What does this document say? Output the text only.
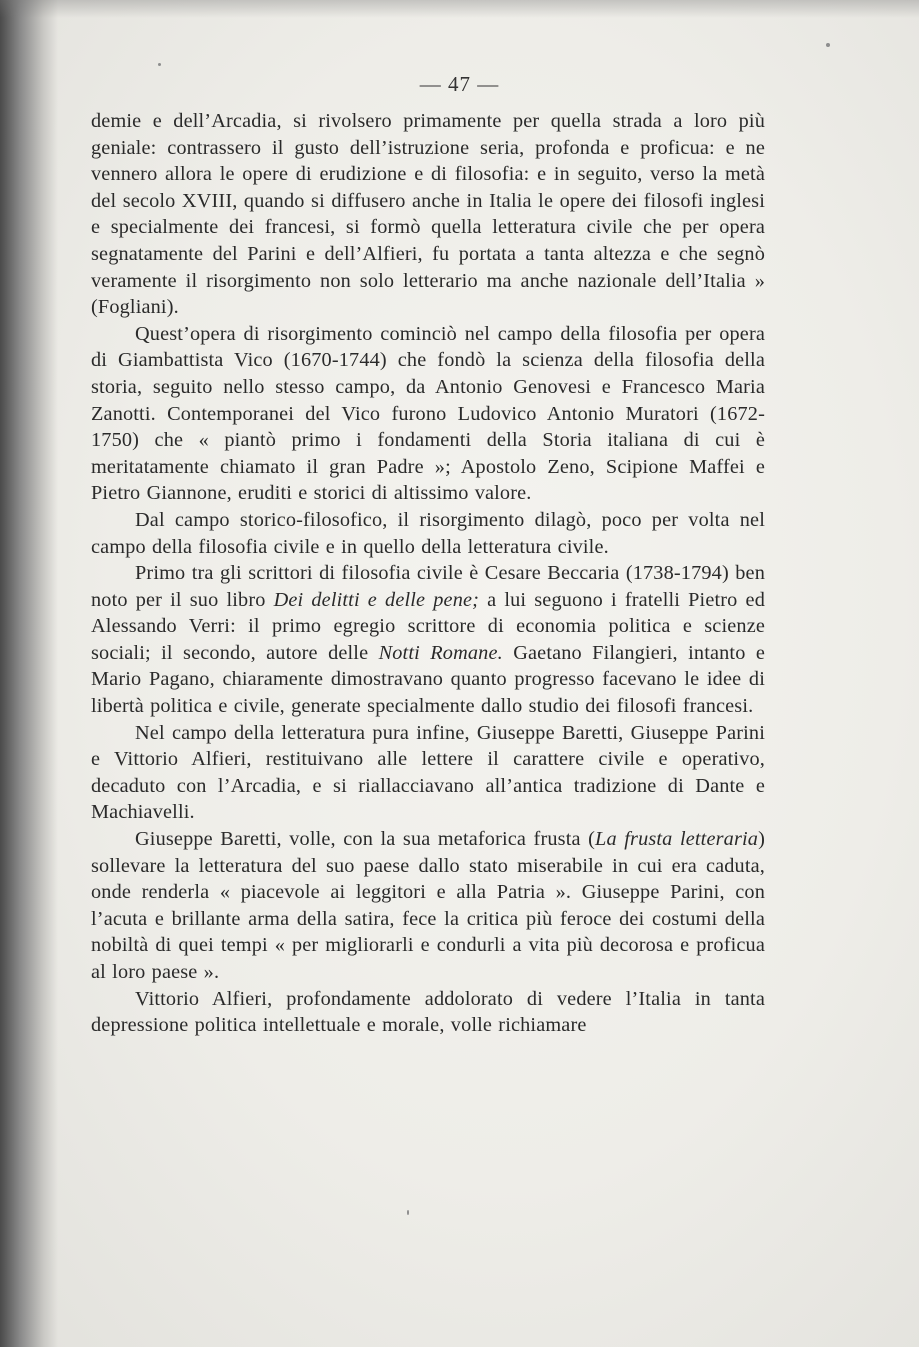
— 47 —

demie e dell’Arcadia, si rivolsero primamente per quella strada a loro più geniale: contrassero il gusto dell’istruzione seria, profonda e proficua: e ne vennero allora le opere di erudizione e di filosofia: e in seguito, verso la metà del secolo XVIII, quando si diffusero anche in Italia le opere dei filosofi inglesi e specialmente dei francesi, si formò quella letteratura civile che per opera segnatamente del Parini e dell’Alfieri, fu portata a tanta altezza e che segnò veramente il risorgimento non solo letterario ma anche nazionale dell’Italia » (Fogliani).

Quest’opera di risorgimento cominciò nel campo della filosofia per opera di Giambattista Vico (1670-1744) che fondò la scienza della filosofia della storia, seguito nello stesso campo, da Antonio Genovesi e Francesco Maria Zanotti. Contemporanei del Vico furono Ludovico Antonio Muratori (1672-1750) che « piantò primo i fondamenti della Storia italiana di cui è meritatamente chiamato il gran Padre »; Apostolo Zeno, Scipione Maffei e Pietro Giannone, eruditi e storici di altissimo valore.

Dal campo storico-filosofico, il risorgimento dilagò, poco per volta nel campo della filosofia civile e in quello della letteratura civile.

Primo tra gli scrittori di filosofia civile è Cesare Beccaria (1738-1794) ben noto per il suo libro Dei delitti e delle pene; a lui seguono i fratelli Pietro ed Alessando Verri: il primo egregio scrittore di economia politica e scienze sociali; il secondo, autore delle Notti Romane. Gaetano Filangieri, intanto e Mario Pagano, chiaramente dimostravano quanto progresso facevano le idee di libertà politica e civile, generate specialmente dallo studio dei filosofi francesi.

Nel campo della letteratura pura infine, Giuseppe Baretti, Giuseppe Parini e Vittorio Alfieri, restituivano alle lettere il carattere civile e operativo, decaduto con l’Arcadia, e si riallacciavano all’antica tradizione di Dante e Machiavelli.

Giuseppe Baretti, volle, con la sua metaforica frusta (La frusta letteraria) sollevare la letteratura del suo paese dallo stato miserabile in cui era caduta, onde renderla « piacevole ai leggitori e alla Patria ». Giuseppe Parini, con l’acuta e brillante arma della satira, fece la critica più feroce dei costumi della nobiltà di quei tempi « per migliorarli e condurli a vita più decorosa e proficua al loro paese ».

Vittorio Alfieri, profondamente addolorato di vedere l’Italia in tanta depressione politica intellettuale e morale, volle richiamare
